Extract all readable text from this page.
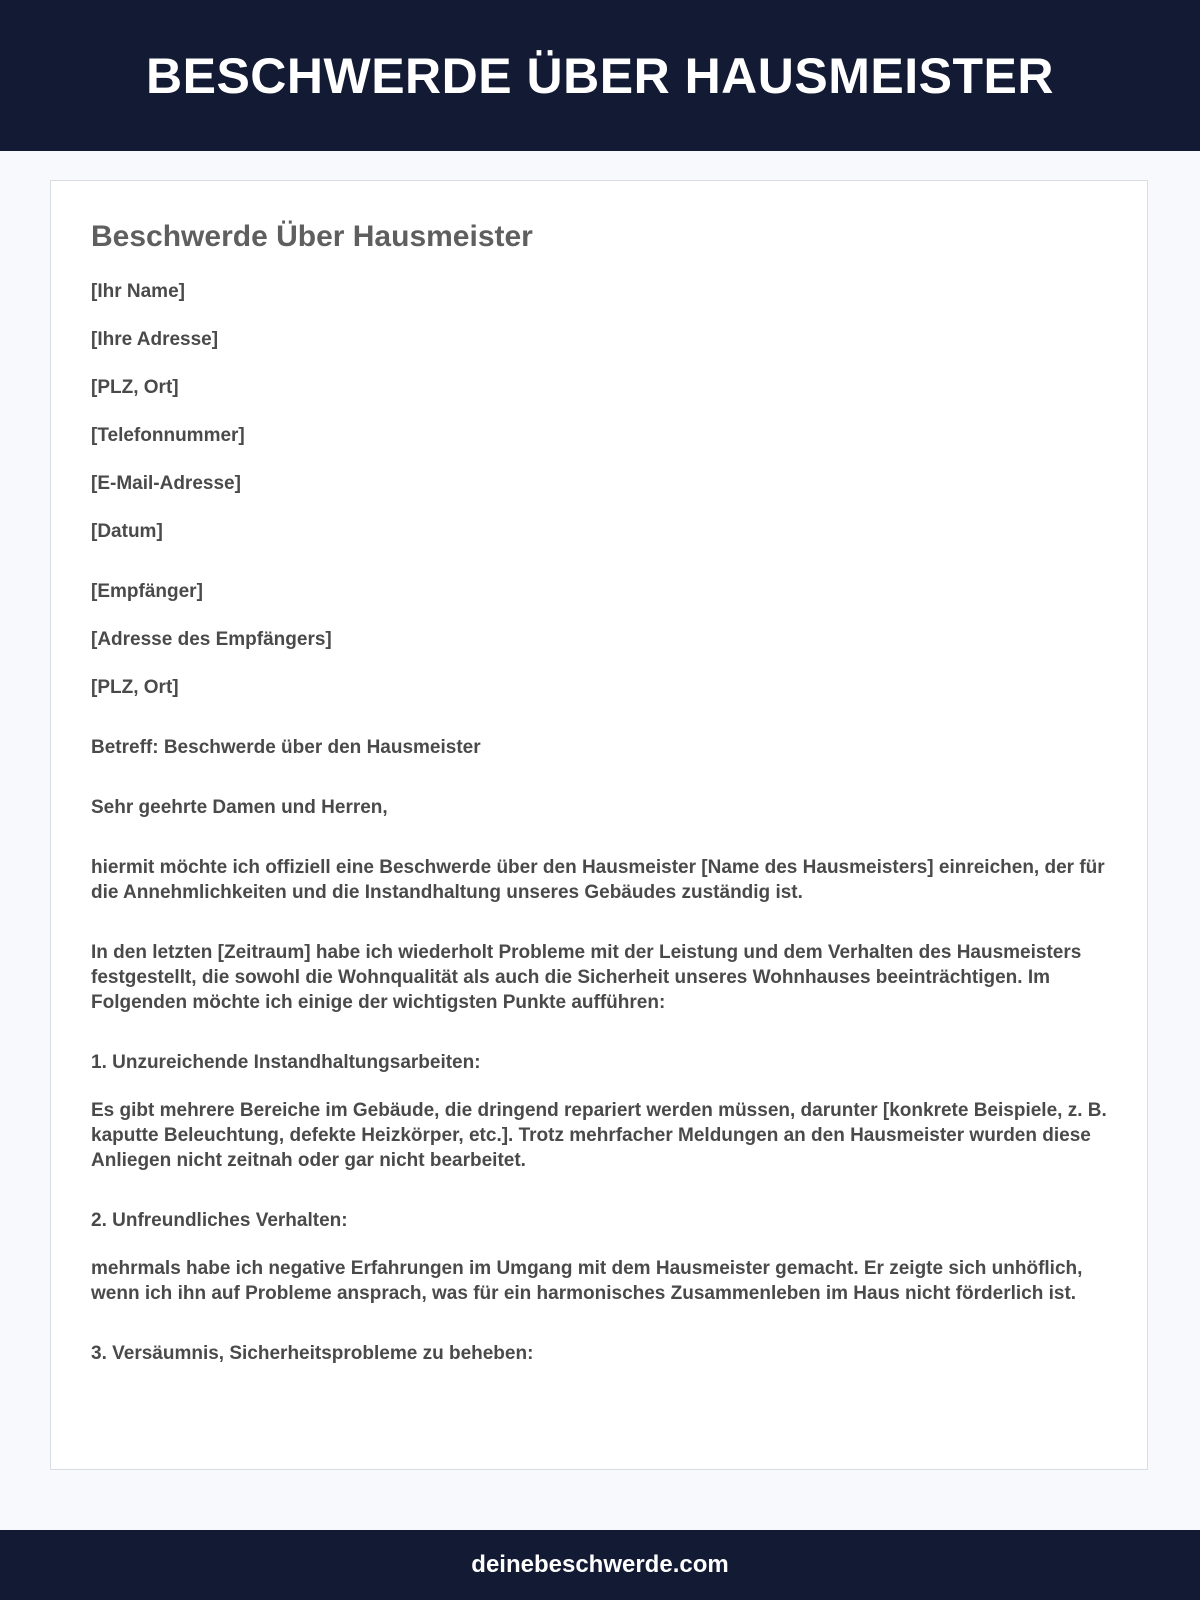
BESCHWERDE ÜBER HAUSMEISTER
Beschwerde Über Hausmeister

[Ihr Name]

[Ihre Adresse]

[PLZ, Ort]

[Telefonnummer]

[E-Mail-Adresse]

[Datum]

[Empfänger]

[Adresse des Empfängers]

[PLZ, Ort]

Betreff: Beschwerde über den Hausmeister

Sehr geehrte Damen und Herren,

hiermit möchte ich offiziell eine Beschwerde über den Hausmeister [Name des Hausmeisters] einreichen, der für die Annehmlichkeiten und die Instandhaltung unseres Gebäudes zuständig ist.

In den letzten [Zeitraum] habe ich wiederholt Probleme mit der Leistung und dem Verhalten des Hausmeisters festgestellt, die sowohl die Wohnqualität als auch die Sicherheit unseres Wohnhauses beeinträchtigen. Im Folgenden möchte ich einige der wichtigsten Punkte aufführen:

1. Unzureichende Instandhaltungsarbeiten:

Es gibt mehrere Bereiche im Gebäude, die dringend repariert werden müssen, darunter [konkrete Beispiele, z. B. kaputte Beleuchtung, defekte Heizkörper, etc.]. Trotz mehrfacher Meldungen an den Hausmeister wurden diese Anliegen nicht zeitnah oder gar nicht bearbeitet.

2. Unfreundliches Verhalten:

mehrmals habe ich negative Erfahrungen im Umgang mit dem Hausmeister gemacht. Er zeigte sich unhöflich, wenn ich ihn auf Probleme ansprach, was für ein harmonisches Zusammenleben im Haus nicht förderlich ist.

3. Versäumnis, Sicherheitsprobleme zu beheben:

deinebeschwerde.com
